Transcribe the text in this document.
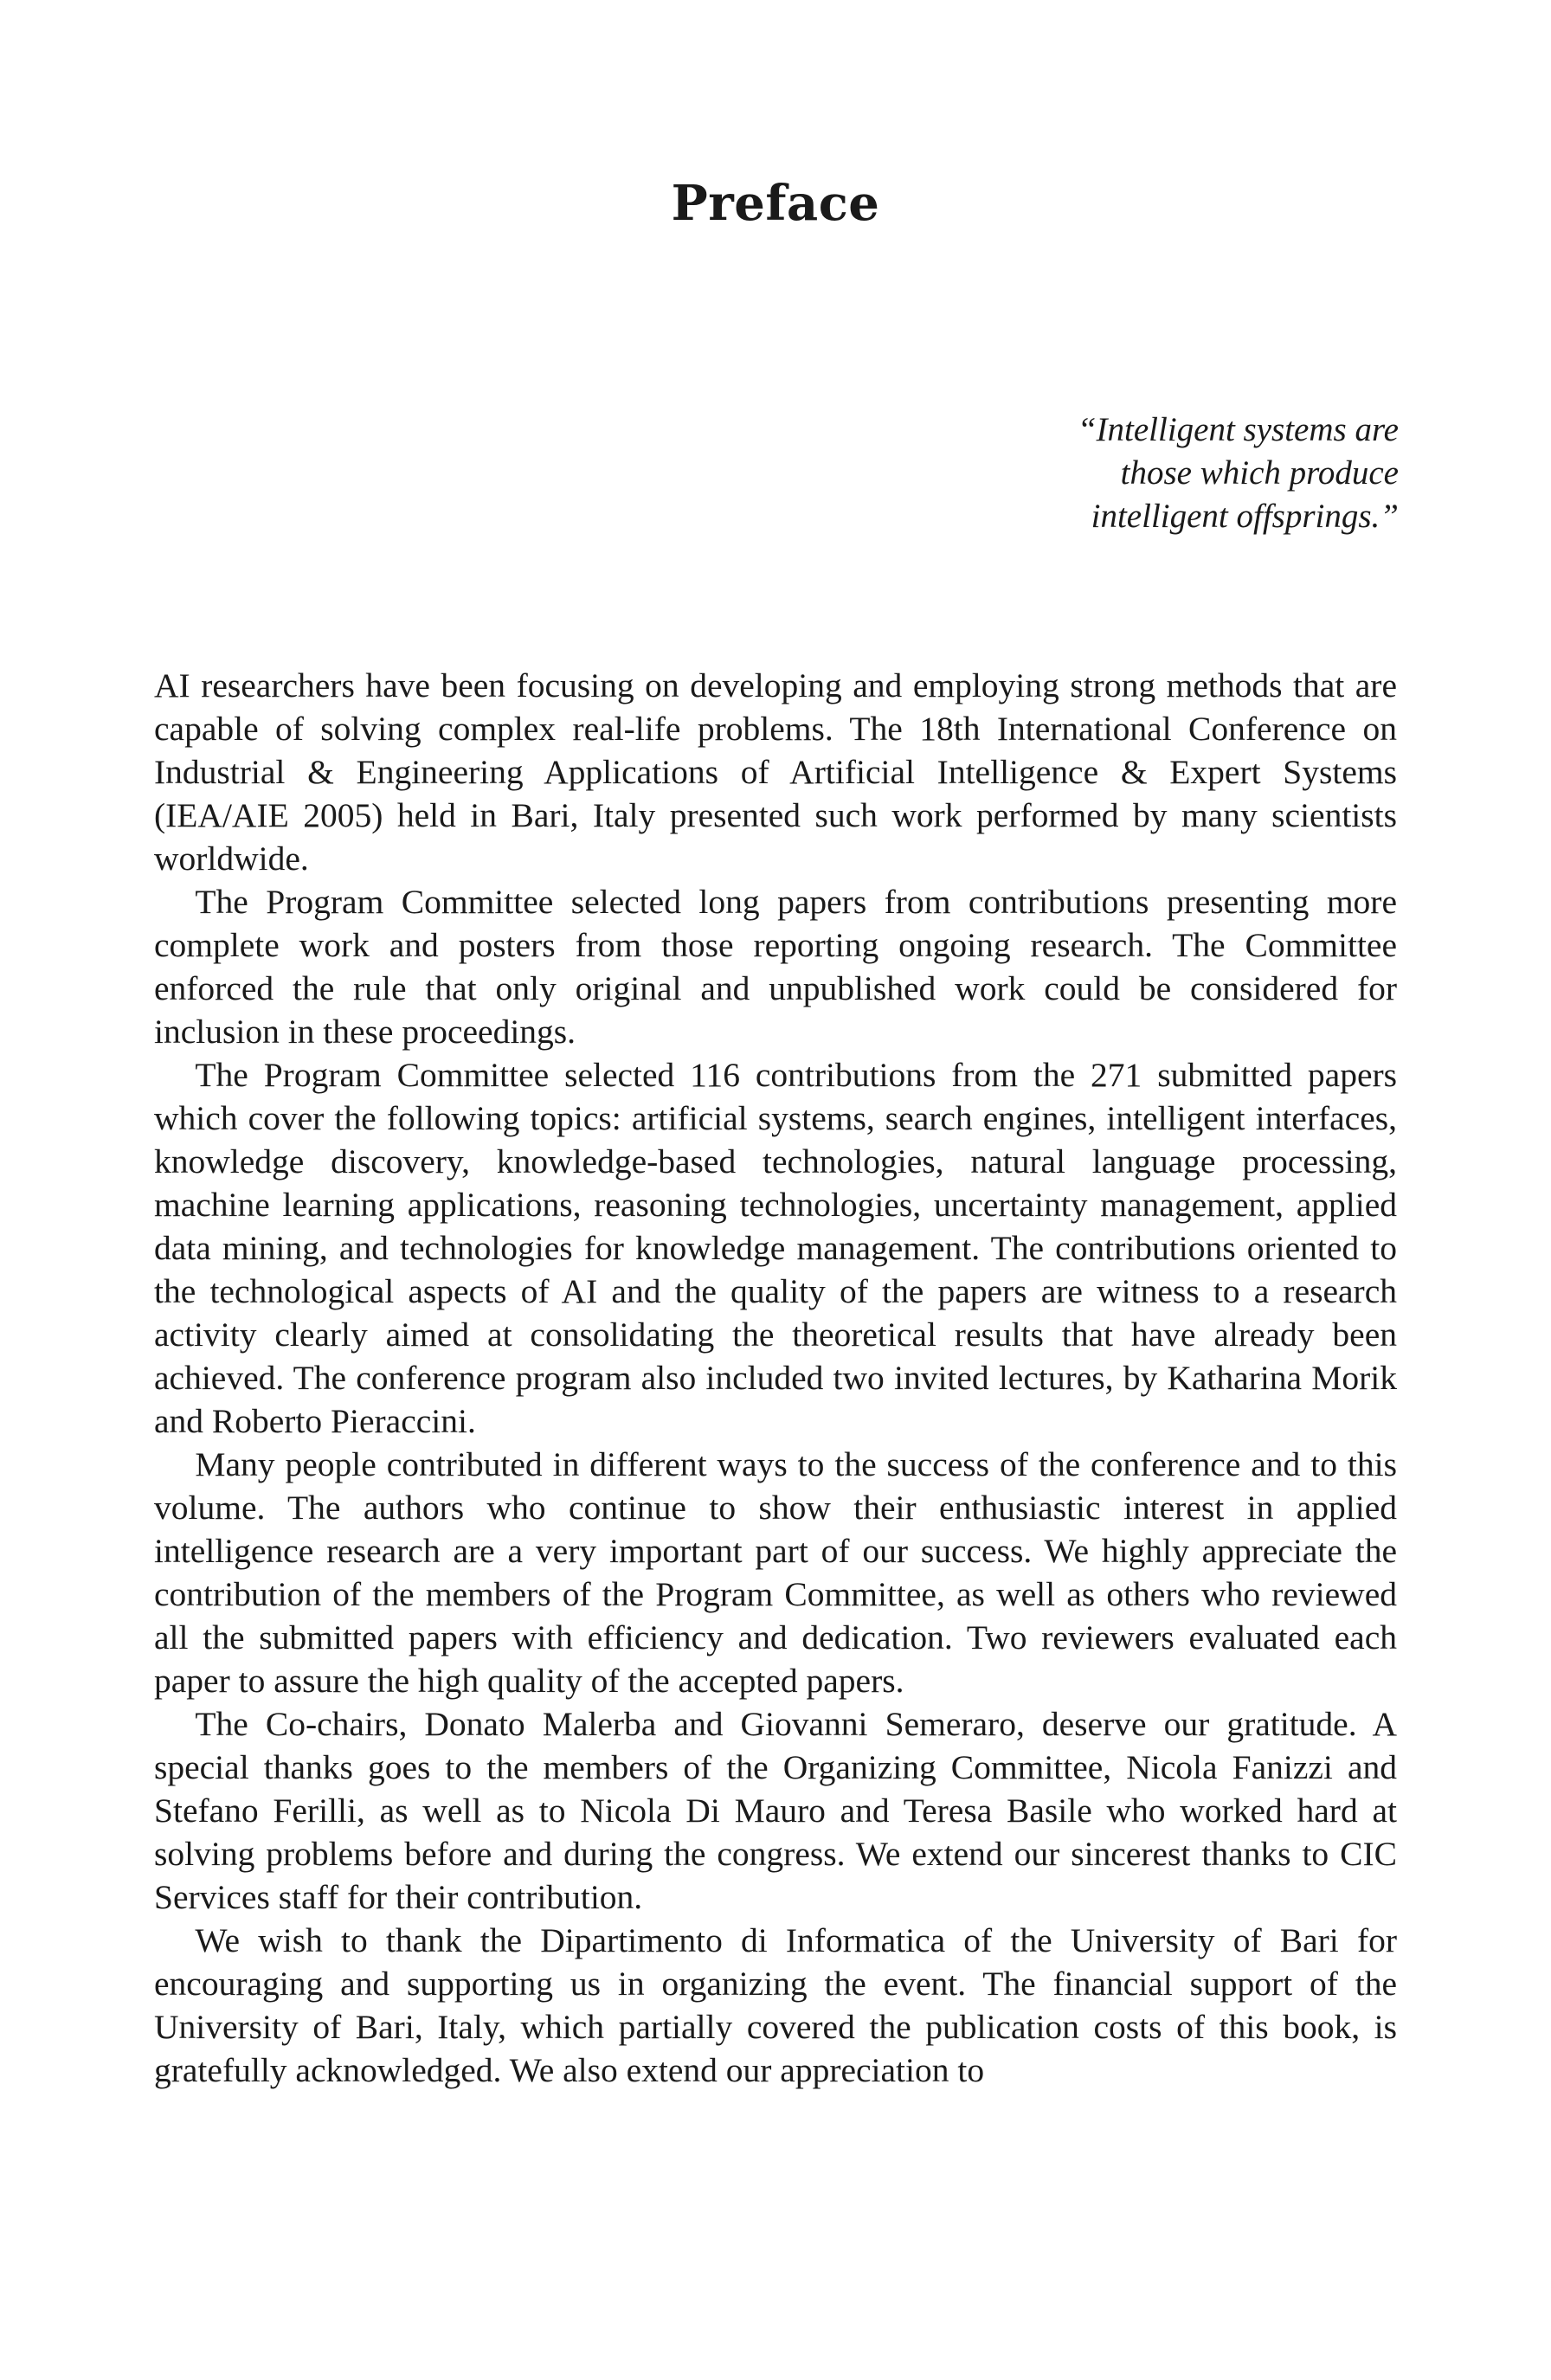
Preface
“Intelligent systems are
those which produce
intelligent offsprings.”

AI researchers have been focusing on developing and employing strong methods that are capable of solving complex real-life problems. The 18th International Conference on Industrial & Engineering Applications of Artificial Intelligence & Expert Systems (IEA/AIE 2005) held in Bari, Italy presented such work performed by many scientists worldwide.

The Program Committee selected long papers from contributions presenting more complete work and posters from those reporting ongoing research. The Committee enforced the rule that only original and unpublished work could be considered for inclusion in these proceedings.

The Program Committee selected 116 contributions from the 271 submitted papers which cover the following topics: artificial systems, search engines, intelligent interfaces, knowledge discovery, knowledge-based technologies, natural language processing, machine learning applications, reasoning technologies, uncertainty management, applied data mining, and technologies for knowledge management. The contributions oriented to the technological aspects of AI and the quality of the papers are witness to a research activity clearly aimed at consolidating the theoretical results that have already been achieved. The conference program also included two invited lectures, by Katharina Morik and Roberto Pieraccini.

Many people contributed in different ways to the success of the conference and to this volume. The authors who continue to show their enthusiastic interest in applied intelligence research are a very important part of our success. We highly appreciate the contribution of the members of the Program Committee, as well as others who reviewed all the submitted papers with efficiency and dedication. Two reviewers evaluated each paper to assure the high quality of the accepted papers.

The Co-chairs, Donato Malerba and Giovanni Semeraro, deserve our gratitude. A special thanks goes to the members of the Organizing Committee, Nicola Fanizzi and Stefano Ferilli, as well as to Nicola Di Mauro and Teresa Basile who worked hard at solving problems before and during the congress. We extend our sincerest thanks to CIC Services staff for their contribution.

We wish to thank the Dipartimento di Informatica of the University of Bari for encouraging and supporting us in organizing the event. The financial support of the University of Bari, Italy, which partially covered the publication costs of this book, is gratefully acknowledged. We also extend our appreciation to
